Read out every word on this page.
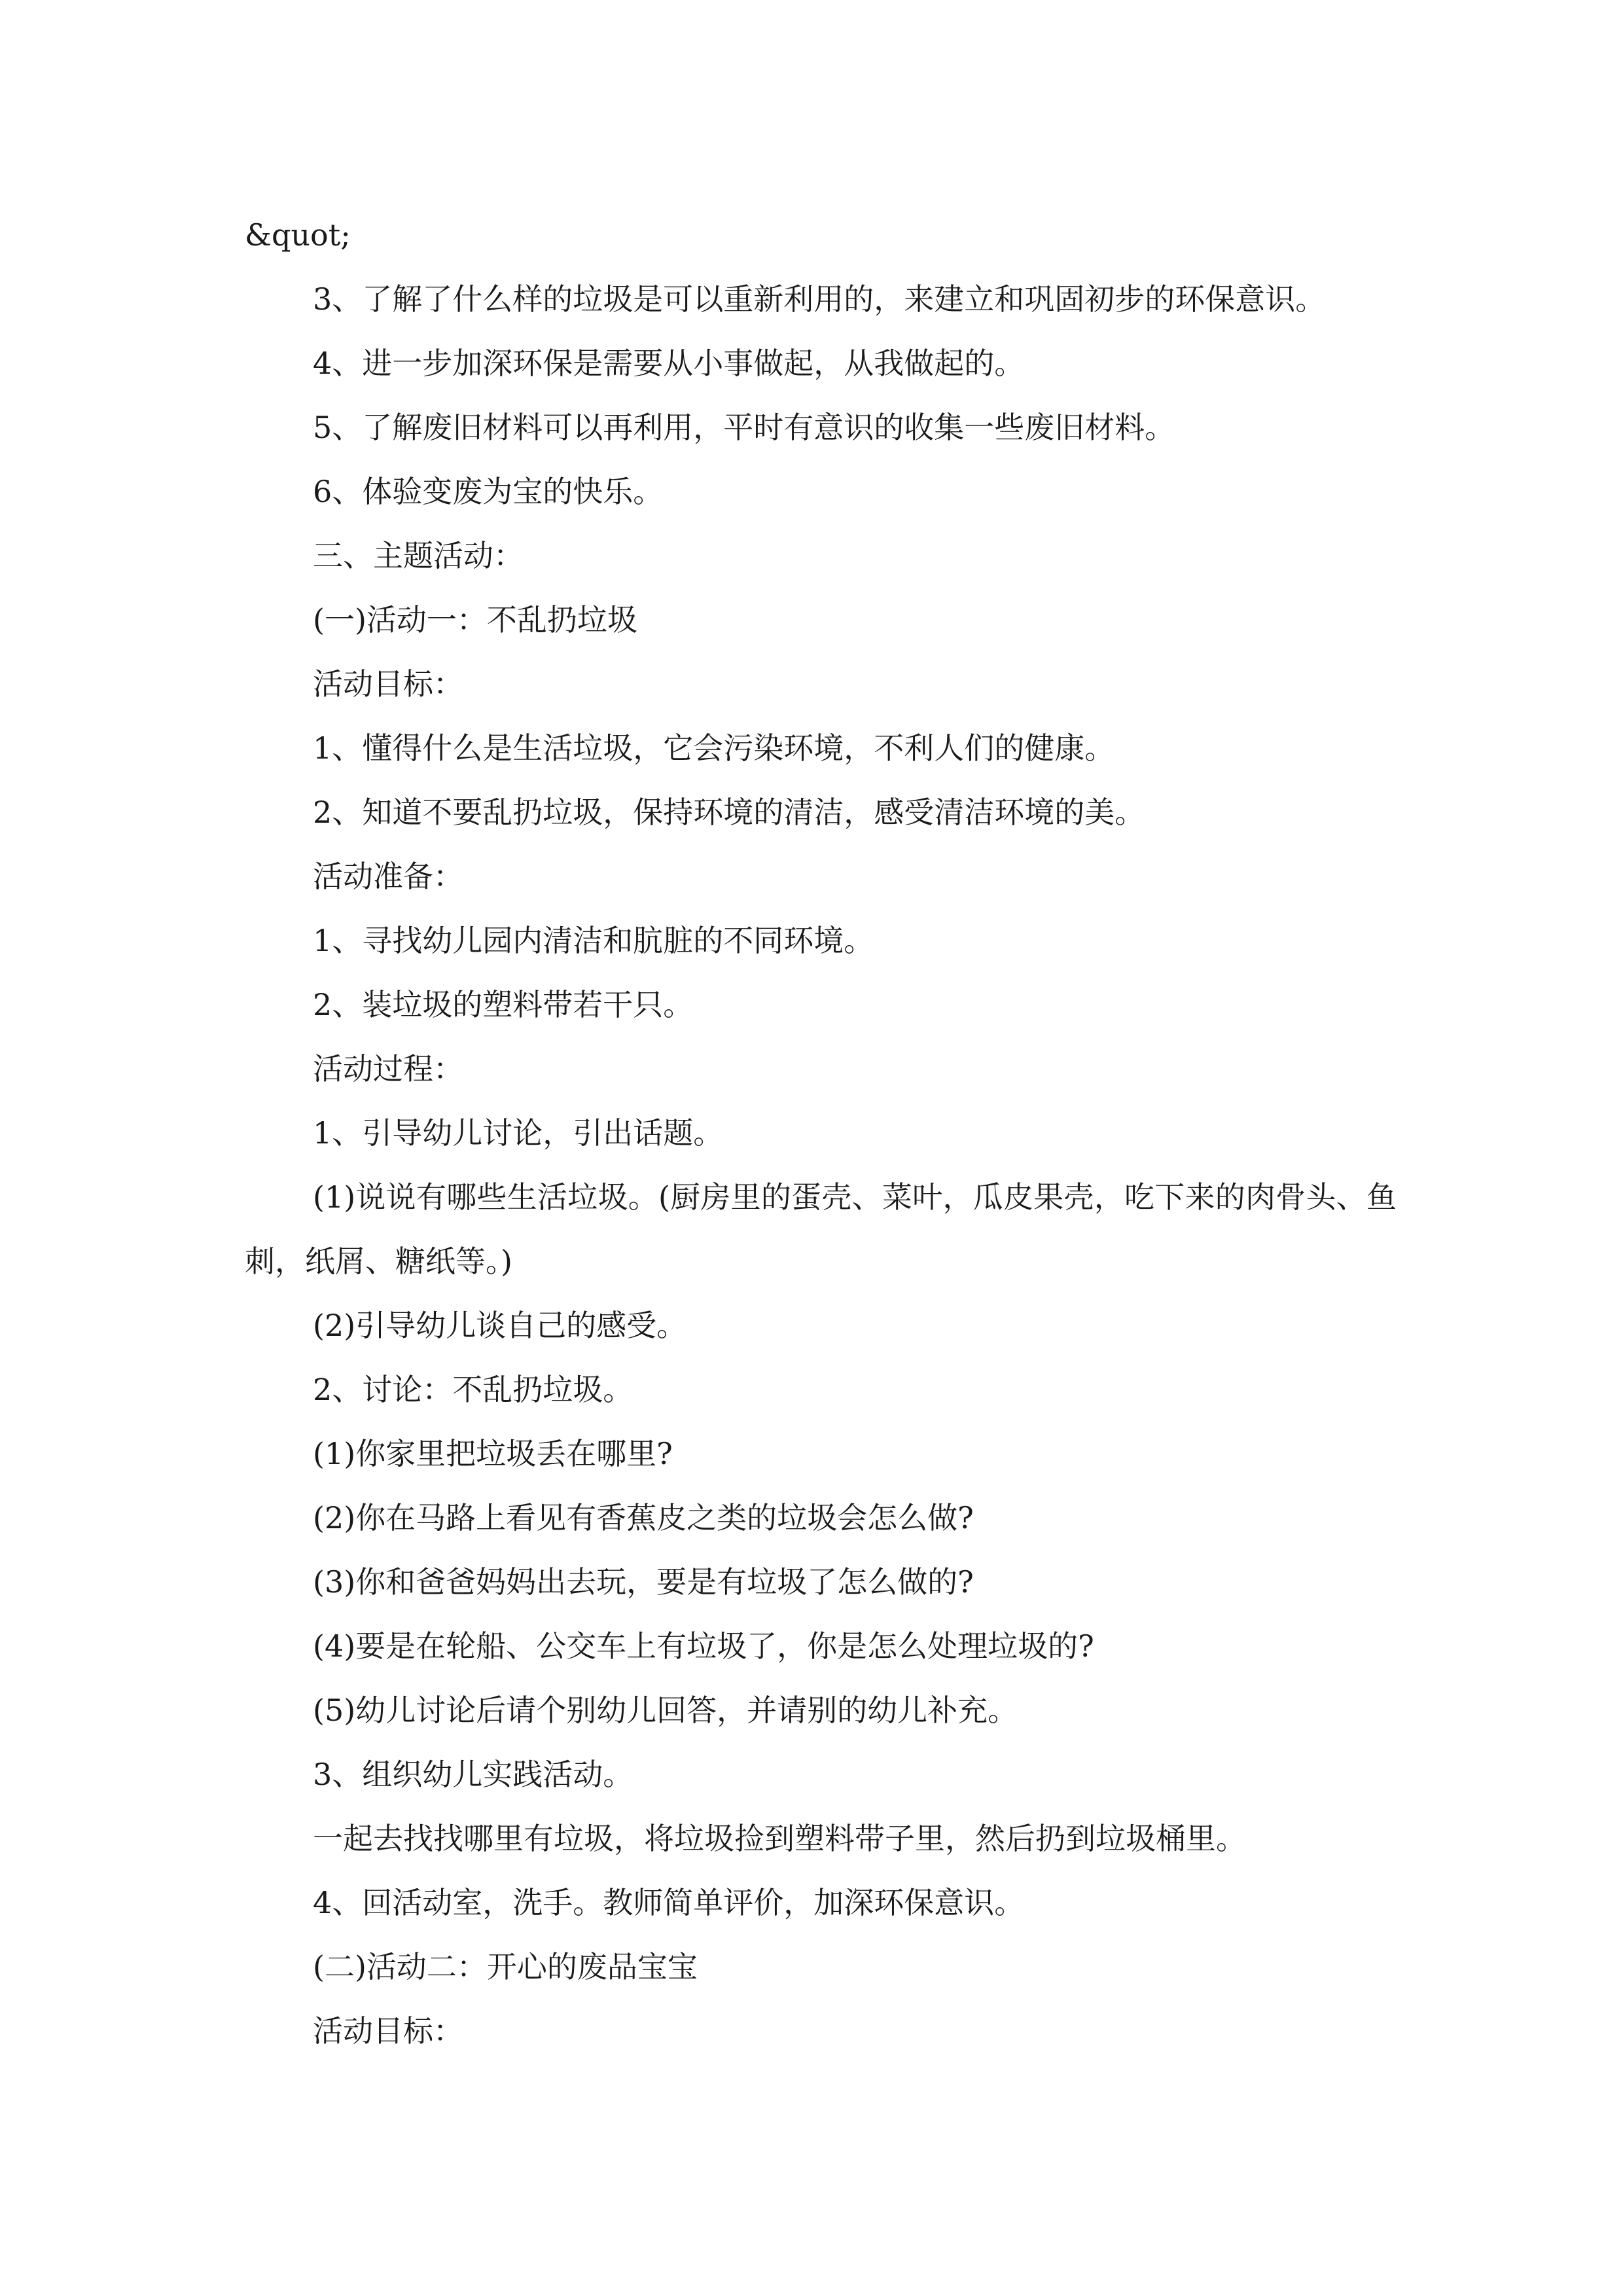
&quot;

3、了解了什么样的垃圾是可以重新利用的，来建立和巩固初步的环保意识。

4、进一步加深环保是需要从小事做起，从我做起的。

5、了解废旧材料可以再利用，平时有意识的收集一些废旧材料。

6、体验变废为宝的快乐。

三、主题活动：

(一)活动一：不乱扔垃圾

活动目标：

1、懂得什么是生活垃圾，它会污染环境，不利人们的健康。

2、知道不要乱扔垃圾，保持环境的清洁，感受清洁环境的美。

活动准备：

1、寻找幼儿园内清洁和肮脏的不同环境。

2、装垃圾的塑料带若干只。

活动过程：

1、引导幼儿讨论，引出话题。

(1)说说有哪些生活垃圾。(厨房里的蛋壳、菜叶，瓜皮果壳，吃下来的肉骨头、鱼刺，纸屑、糖纸等。)

(2)引导幼儿谈自己的感受。

2、讨论：不乱扔垃圾。

(1)你家里把垃圾丢在哪里?

(2)你在马路上看见有香蕉皮之类的垃圾会怎么做?

(3)你和爸爸妈妈出去玩，要是有垃圾了怎么做的?

(4)要是在轮船、公交车上有垃圾了，你是怎么处理垃圾的?

(5)幼儿讨论后请个别幼儿回答，并请别的幼儿补充。

3、组织幼儿实践活动。

一起去找找哪里有垃圾，将垃圾捡到塑料带子里，然后扔到垃圾桶里。

4、回活动室，洗手。教师简单评价，加深环保意识。

(二)活动二：开心的废品宝宝

活动目标：
